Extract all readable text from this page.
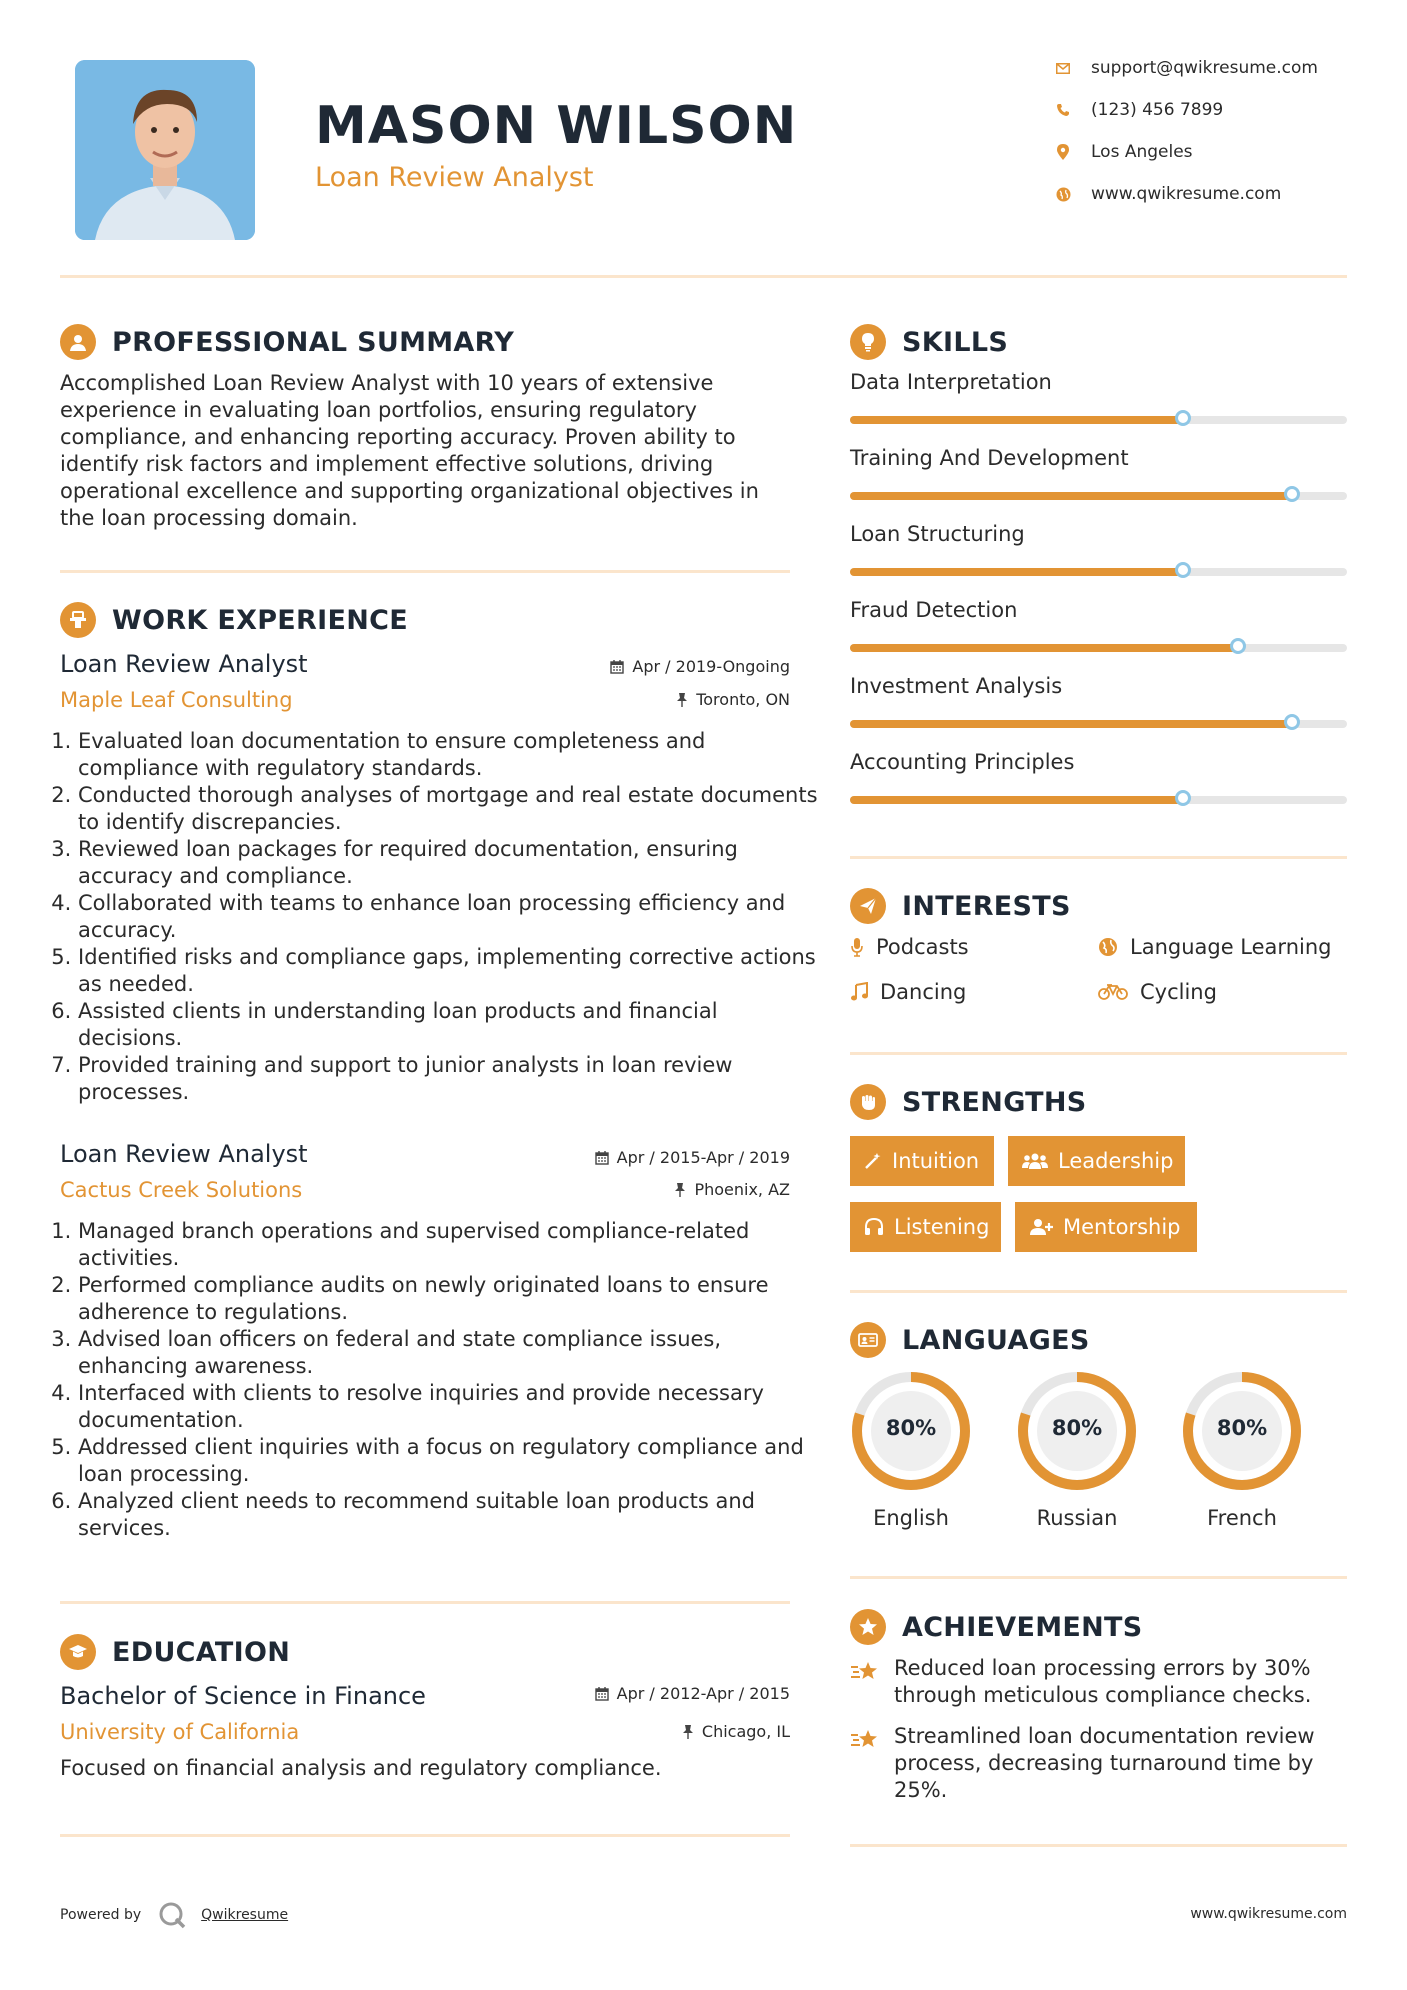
MASON WILSON
Loan Review Analyst
support@qwikresume.com
(123) 456 7899
Los Angeles
www.qwikresume.com
PROFESSIONAL SUMMARY
Accomplished Loan Review Analyst with 10 years of extensive experience in evaluating loan portfolios, ensuring regulatory compliance, and enhancing reporting accuracy. Proven ability to identify risk factors and implement effective solutions, driving operational excellence and supporting organizational objectives in the loan processing domain.
WORK EXPERIENCE
Loan Review Analyst
Maple Leaf Consulting
Apr / 2019-Ongoing
Toronto, ON
1. Evaluated loan documentation to ensure completeness and compliance with regulatory standards.
2. Conducted thorough analyses of mortgage and real estate documents to identify discrepancies.
3. Reviewed loan packages for required documentation, ensuring accuracy and compliance.
4. Collaborated with teams to enhance loan processing efficiency and accuracy.
5. Identified risks and compliance gaps, implementing corrective actions as needed.
6. Assisted clients in understanding loan products and financial decisions.
7. Provided training and support to junior analysts in loan review processes.
Loan Review Analyst
Cactus Creek Solutions
Apr / 2015-Apr / 2019
Phoenix, AZ
1. Managed branch operations and supervised compliance-related activities.
2. Performed compliance audits on newly originated loans to ensure adherence to regulations.
3. Advised loan officers on federal and state compliance issues, enhancing awareness.
4. Interfaced with clients to resolve inquiries and provide necessary documentation.
5. Addressed client inquiries with a focus on regulatory compliance and loan processing.
6. Analyzed client needs to recommend suitable loan products and services.
EDUCATION
Bachelor of Science in Finance
University of California
Apr / 2012-Apr / 2015
Chicago, IL
Focused on financial analysis and regulatory compliance.
SKILLS
Data Interpretation
Training And Development
Loan Structuring
Fraud Detection
Investment Analysis
Accounting Principles
INTERESTS
Podcasts	Language Learning
Dancing	Cycling
STRENGTHS
Intuition	Leadership
Listening	Mentorship
LANGUAGES
80%
English
80%
Russian
80%
French
ACHIEVEMENTS
Reduced loan processing errors by 30% through meticulous compliance checks.
Streamlined loan documentation review process, decreasing turnaround time by 25%.
Powered by	Qwikresume	www.qwikresume.com
